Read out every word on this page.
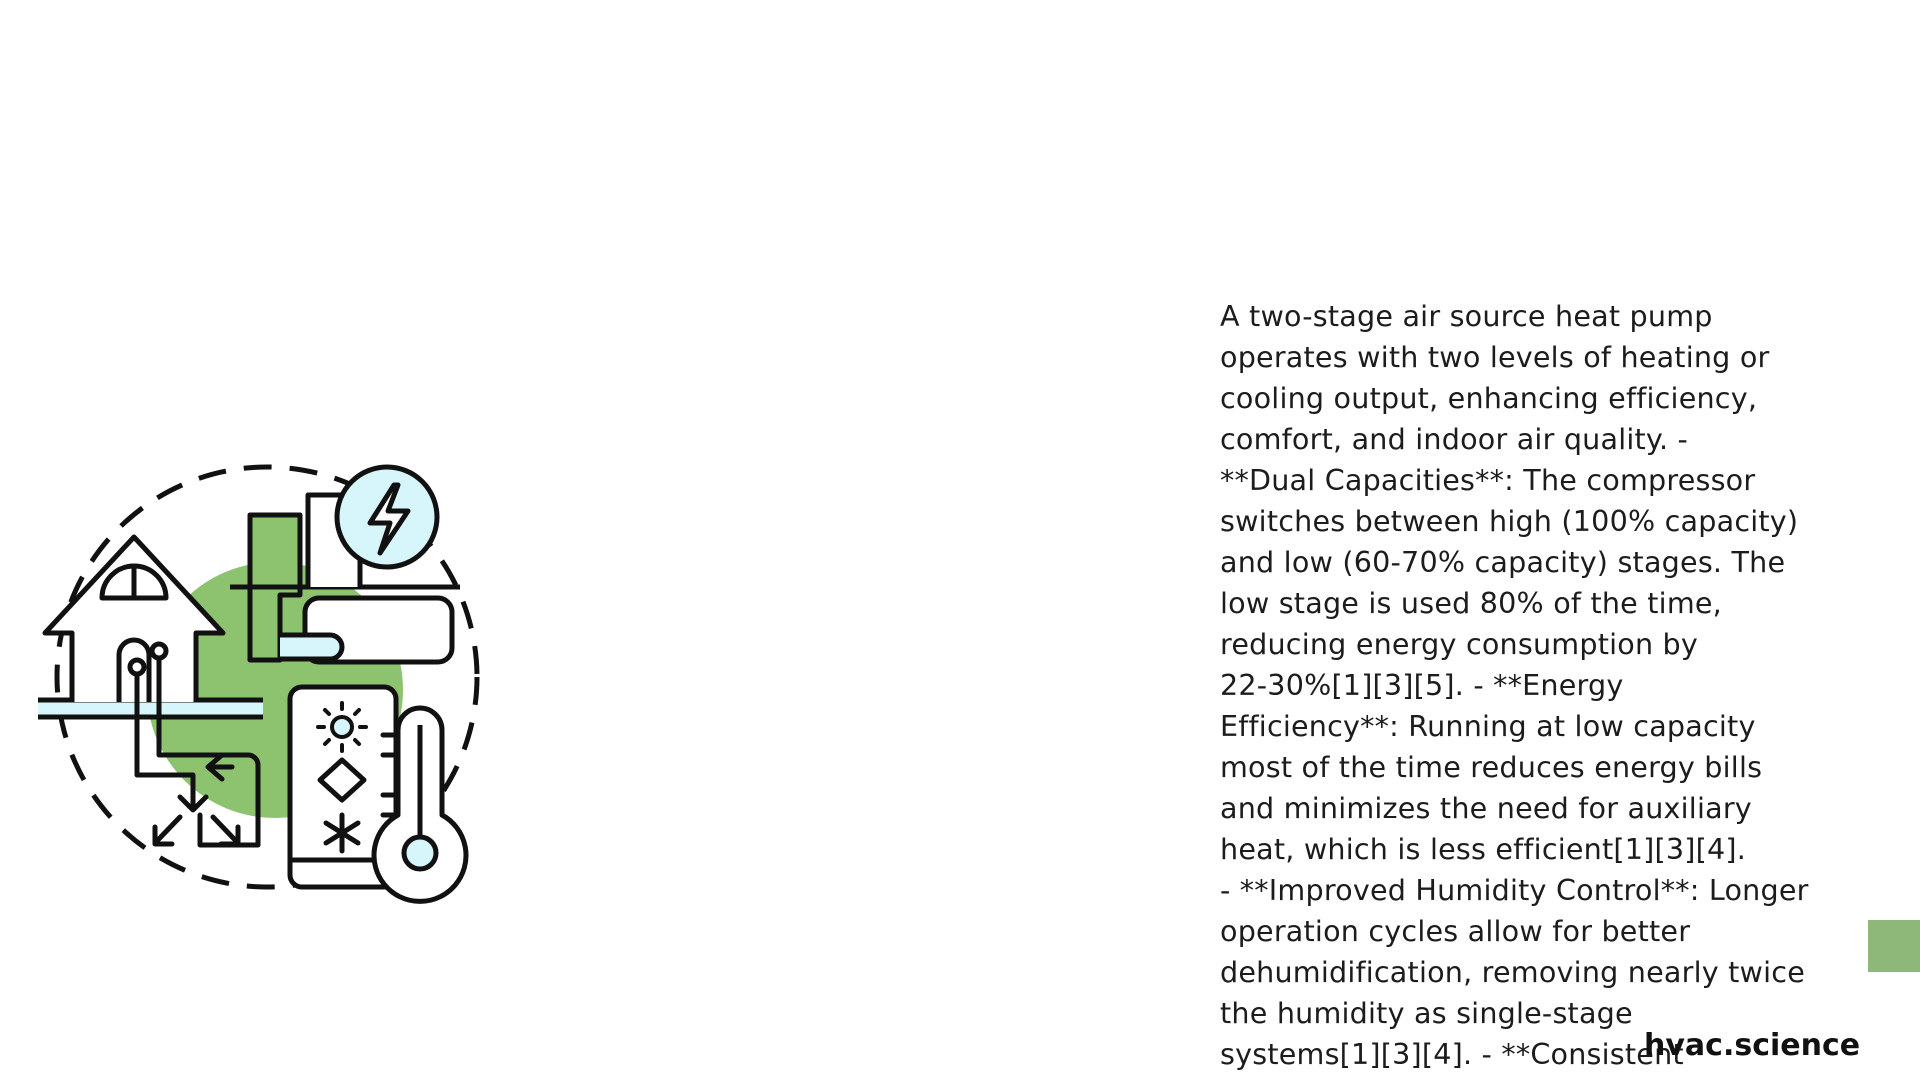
A two-stage air source heat pump
operates with two levels of heating or
cooling output, enhancing efficiency,
comfort, and indoor air quality. -
**Dual Capacities**: The compressor
switches between high (100% capacity)
and low (60-70% capacity) stages. The
low stage is used 80% of the time,
reducing energy consumption by
22-30%[1][3][5]. - **Energy
Efficiency**: Running at low capacity
most of the time reduces energy bills
and minimizes the need for auxiliary
heat, which is less efficient[1][3][4].
- **Improved Humidity Control**: Longer
operation cycles allow for better
dehumidification, removing nearly twice
the humidity as single-stage
systems[1][3][4]. - **Consistent

hvac.science
